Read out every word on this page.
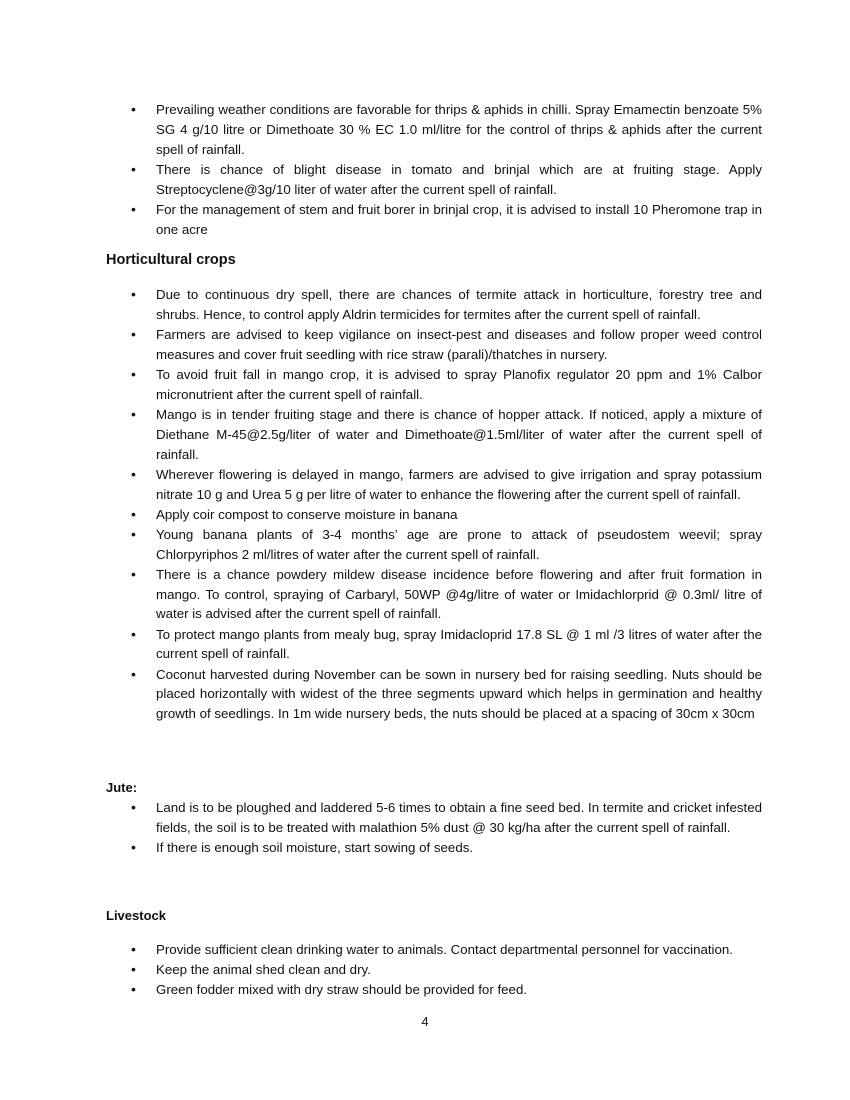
• Prevailing weather conditions are favorable for thrips & aphids in chilli. Spray Emamectin benzoate 5% SG 4 g/10 litre or Dimethoate 30 % EC 1.0 ml/litre for the control of thrips & aphids after the current spell of rainfall.
• There is chance of blight disease in tomato and brinjal which are at fruiting stage. Apply Streptocyclene@3g/10 liter of water after the current spell of rainfall.
• For the management of stem and fruit borer in brinjal crop, it is advised to install 10 Pheromone trap in one acre
Horticultural crops
• Due to continuous dry spell, there are chances of termite attack in horticulture, forestry tree and shrubs. Hence, to control apply Aldrin termicides for termites after the current spell of rainfall.
• Farmers are advised to keep vigilance on insect-pest and diseases and follow proper weed control measures and cover fruit seedling with rice straw (parali)/thatches in nursery.
• To avoid fruit fall in mango crop, it is advised to spray Planofix regulator 20 ppm and 1% Calbor micronutrient after the current spell of rainfall.
• Mango is in tender fruiting stage and there is chance of hopper attack. If noticed, apply a mixture of Diethane M-45@2.5g/liter of water and Dimethoate@1.5ml/liter of water after the current spell of rainfall.
• Wherever flowering is delayed in mango, farmers are advised to give irrigation and spray potassium nitrate 10 g and Urea 5 g per litre of water to enhance the flowering after the current spell of rainfall.
• Apply coir compost to conserve moisture in banana
• Young banana plants of 3-4 months’ age are prone to attack of pseudostem weevil; spray Chlorpyriphos 2 ml/litres of water after the current spell of rainfall.
• There is a chance powdery mildew disease incidence before flowering and after fruit formation in mango. To control, spraying of Carbaryl, 50WP @4g/litre of water or Imidachlorprid @ 0.3ml/ litre of water is advised after the current spell of rainfall.
• To protect mango plants from mealy bug, spray Imidacloprid 17.8 SL @ 1 ml /3 litres of water after the current spell of rainfall.
• Coconut harvested during November can be sown in nursery bed for raising seedling. Nuts should be placed horizontally with widest of the three segments upward which helps in germination and healthy growth of seedlings. In 1m wide nursery beds, the nuts should be placed at a spacing of 30cm x 30cm
Jute:
• Land is to be ploughed and laddered 5-6 times to obtain a fine seed bed. In termite and cricket infested fields, the soil is to be treated with malathion 5% dust @ 30 kg/ha after the current spell of rainfall.
• If there is enough soil moisture, start sowing of seeds.
Livestock
• Provide sufficient clean drinking water to animals. Contact departmental personnel for vaccination.
• Keep the animal shed clean and dry.
• Green fodder mixed with dry straw should be provided for feed.
4
